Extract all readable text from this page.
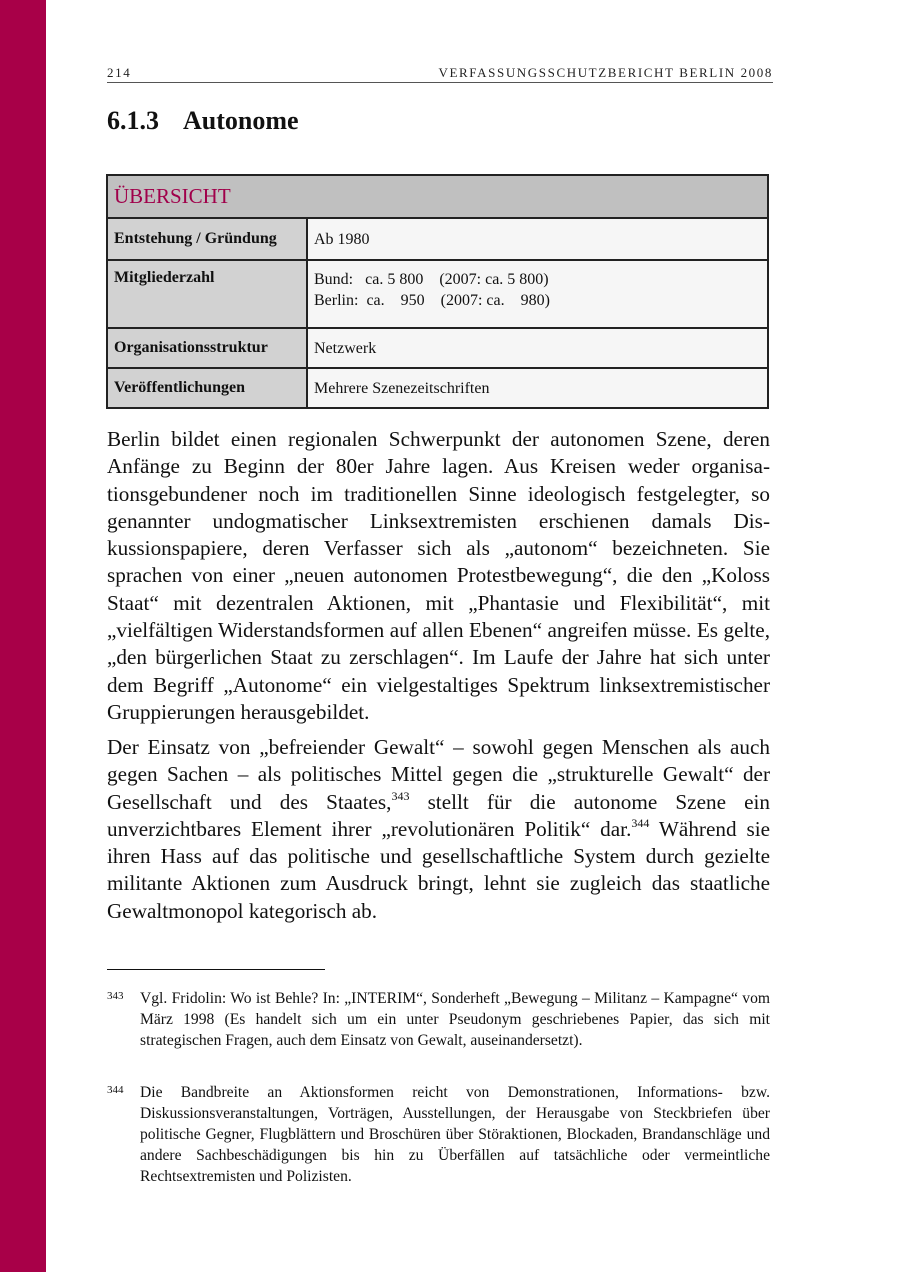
214	VERFASSUNGSSCHUTZBERICHT BERLIN 2008
6.1.3 Autonome
ÜBERSICHT	
Entstehung / Gründung	Ab 1980

Mitgliederzahl	Bund:   ca. 5 800    (2007: ca. 5 800)
Berlin:  ca.    950    (2007: ca.    980)

Organisationsstruktur	Netzwerk

Veröffentlichungen	Mehrere Szenezeitschriften

Berlin bildet einen regionalen Schwerpunkt der autonomen Szene, deren Anfänge zu Beginn der 80er Jahre lagen. Aus Kreisen weder organisationsgebundener noch im traditionellen Sinne ideologisch festgelegter, so genannter undogmatischer Linksextremisten erschienen damals Diskussionspapiere, deren Verfasser sich als „autonom“ bezeichneten. Sie sprachen von einer „neuen autonomen Protestbewegung“, die den „Koloss Staat“ mit dezentralen Aktionen, mit „Phantasie und Flexibilität“, mit „vielfältigen Widerstandsformen auf allen Ebenen“ angreifen müsse. Es gelte, „den bürgerlichen Staat zu zerschlagen“. Im Laufe der Jahre hat sich unter dem Begriff „Autonome“ ein vielgestaltiges Spektrum linksextremistischer Gruppierungen herausgebildet.

Der Einsatz von „befreiender Gewalt“ – sowohl gegen Menschen als auch gegen Sachen – als politisches Mittel gegen die „strukturelle Gewalt“ der Gesellschaft und des Staates,$^{343}$ stellt für die autonome Szene ein unverzichtbares Element ihrer „revolutionären Politik“ dar.$^{344}$ Während sie ihren Hass auf das politische und gesellschaftliche System durch gezielte militante Aktionen zum Ausdruck bringt, lehnt sie zugleich das staatliche Gewaltmonopol kategorisch ab.

343 Vgl. Fridolin: Wo ist Behle? In: „INTERIM“, Sonderheft „Bewegung – Militanz – Kampagne“ vom März 1998 (Es handelt sich um ein unter Pseudonym geschriebenes Papier, das sich mit strategischen Fragen, auch dem Einsatz von Gewalt, auseinandersetzt).
344 Die Bandbreite an Aktionsformen reicht von Demonstrationen, Informations- bzw. Diskussionsveranstaltungen, Vorträgen, Ausstellungen, der Herausgabe von Steckbriefen über politische Gegner, Flugblättern und Broschüren über Störaktionen, Blockaden, Brandanschläge und andere Sachbeschädigungen bis hin zu Überfällen auf tatsächliche oder vermeintliche Rechtsextremisten und Polizisten.
